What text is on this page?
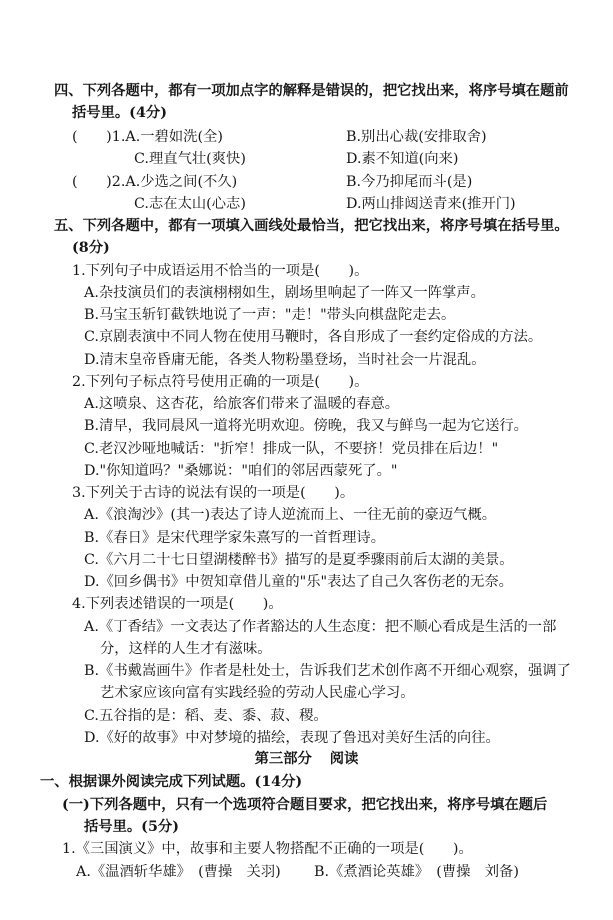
四、下列各题中，都有一项加点字的解释是错误的，把它找出来，将序号填在题前

括号里。(4分)

(　　)1.A.一碧如洗(全)	B.别出心裁(安排取舍)

C.理直气壮(爽快)	D.素不知道(向来)

(　　)2.A.少选之间(不久)	B.今乃抑尾而斗(是)

C.志在太山(心志)	D.两山排闼送青来(推开门)

五、下列各题中，都有一项填入画线处最恰当，把它找出来，将序号填在括号里。

(8分)

1.下列句子中成语运用不恰当的一项是(　　)。

A.杂技演员们的表演栩栩如生，剧场里响起了一阵又一阵掌声。

B.马宝玉斩钉截铁地说了一声："走！"带头向棋盘陀走去。

C.京剧表演中不同人物在使用马鞭时，各自形成了一套约定俗成的方法。

D.清末皇帝昏庸无能，各类人物粉墨登场，当时社会一片混乱。

2.下列句子标点符号使用正确的一项是(　　)。

A.这喷泉、这杏花，给旅客们带来了温暖的春意。

B.清早，我同晨风一道将光明欢迎。傍晚，我又与鲜鸟一起为它送行。

C.老汉沙哑地喊话："折窄！排成一队，不要挤！党员排在后边！"

D."你知道吗？"桑娜说："咱们的邻居西蒙死了。"

3.下列关于古诗的说法有误的一项是(　　)。

A.《浪淘沙》(其一)表达了诗人逆流而上、一往无前的豪迈气概。

B.《春日》是宋代理学家朱熹写的一首哲理诗。

C.《六月二十七日望湖楼醉书》描写的是夏季骤雨前后太湖的美景。

D.《回乡偶书》中贺知章借儿童的"乐"表达了自己久客伤老的无奈。

4.下列表述错误的一项是(　　)。

A.《丁香结》一文表达了作者豁达的人生态度：把不顺心看成是生活的一部

分，这样的人生才有滋味。

B.《书戴嵩画牛》作者是杜处士，告诉我们艺术创作离不开细心观察，强调了

艺术家应该向富有实践经验的劳动人民虚心学习。

C.五谷指的是：稻、麦、黍、菽、稷。

D.《好的故事》中对梦境的描绘，表现了鲁迅对美好生活的向往。

第三部分 阅读

一、根据课外阅读完成下列试题。(14分)

(一)下列各题中，只有一个选项符合题目要求，把它找出来，将序号填在题后

括号里。(5分)

1.《三国演义》中，故事和主要人物搭配不正确的一项是(　　)。

A.《温酒斩华雄》　(曹操　关羽) B.《煮酒论英雄》　(曹操　刘备)
